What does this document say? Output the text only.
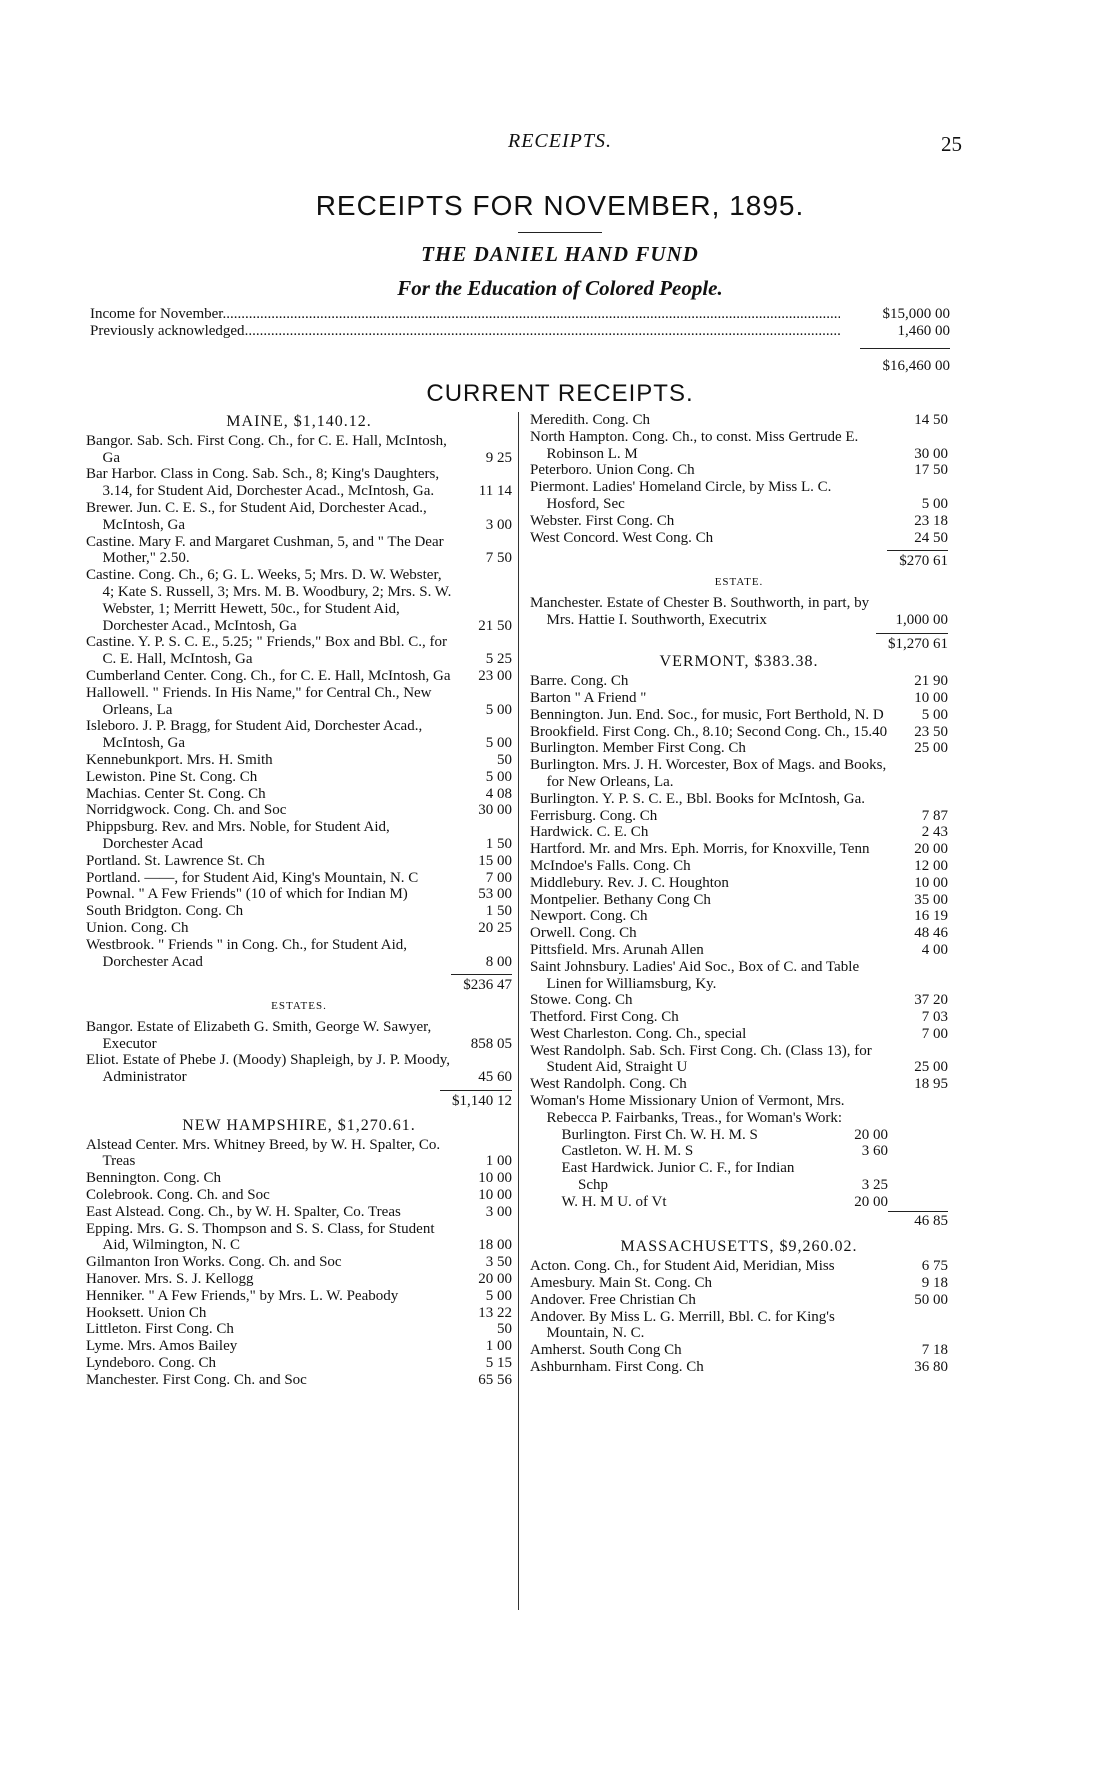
RECEIPTS.	25
RECEIPTS FOR NOVEMBER, 1895.
THE DANIEL HAND FUND
For the Education of Colored People.
Income for November .....	$15,000 00
Previously acknowledged .....	1,460 00
$16,460 00
CURRENT RECEIPTS.
MAINE, $1,140.12.
Bangor. Sab. Sch. First Cong. Ch., for C. E. Hall, McIntosh, Ga	9 25
Bar Harbor. Class in Cong. Sab. Sch., 8; King's Daughters, 3.14, for Student Aid, Dorchester Acad., McIntosh, Ga.	11 14
Brewer. Jun. C. E. S., for Student Aid, Dorchester Acad., McIntosh, Ga	3 00
Castine. Mary F. and Margaret Cushman, 5, and " The Dear Mother," 2.50.	7 50
Castine. Cong. Ch., 6; G. L. Weeks, 5; Mrs. D. W. Webster, 4; Kate S. Russell, 3; Mrs. M. B. Woodbury, 2; Mrs. S. W. Webster, 1; Merritt Hewett, 50c., for Student Aid, Dorchester Acad., McIntosh, Ga	21 50
Castine. Y. P. S. C. E., 5.25; " Friends," Box and Bbl. C., for C. E. Hall, McIntosh, Ga	5 25
Cumberland Center. Cong. Ch., for C. E. Hall, McIntosh, Ga	23 00
Hallowell. " Friends. In His Name," for Central Ch., New Orleans, La	5 00
Isleboro. J. P. Bragg, for Student Aid, Dorchester Acad., McIntosh, Ga	5 00
Kennebunkport. Mrs. H. Smith	50
Lewiston. Pine St. Cong. Ch	5 00
Machias. Center St. Cong. Ch	4 08
Norridgwock. Cong. Ch. and Soc	30 00
Phippsburg. Rev. and Mrs. Noble, for Student Aid, Dorchester Acad	1 50
Portland. St. Lawrence St. Ch	15 00
Portland. ——, for Student Aid, King's Mountain, N. C	7 00
Pownal. " A Few Friends" (10 of which for Indian M)	53 00
South Bridgton. Cong. Ch	1 50
Union. Cong. Ch	20 25
Westbrook. " Friends " in Cong. Ch., for Student Aid, Dorchester Acad	8 00
$236 47
ESTATES.
Bangor. Estate of Elizabeth G. Smith, George W. Sawyer, Executor	858 05
Eliot. Estate of Phebe J. (Moody) Shapleigh, by J. P. Moody, Administrator	45 60
$1,140 12
NEW HAMPSHIRE, $1,270.61.
Alstead Center. Mrs. Whitney Breed, by W. H. Spalter, Co. Treas	1 00
Bennington. Cong. Ch	10 00
Colebrook. Cong. Ch. and Soc	10 00
East Alstead. Cong. Ch., by W. H. Spalter, Co. Treas	3 00
Epping. Mrs. G. S. Thompson and S. S. Class, for Student Aid, Wilmington, N. C	18 00
Gilmanton Iron Works. Cong. Ch. and Soc	3 50
Hanover. Mrs. S. J. Kellogg	20 00
Henniker. " A Few Friends," by Mrs. L. W. Peabody	5 00
Hooksett. Union Ch	13 22
Littleton. First Cong. Ch	50
Lyme. Mrs. Amos Bailey	1 00
Lyndeboro. Cong. Ch	5 15
Manchester. First Cong. Ch. and Soc	65 56
Meredith. Cong. Ch	14 50
North Hampton. Cong. Ch., to const. Miss Gertrude E. Robinson L. M	30 00
Peterboro. Union Cong. Ch	17 50
Piermont. Ladies' Homeland Circle, by Miss L. C. Hosford, Sec	5 00
Webster. First Cong. Ch	23 18
West Concord. West Cong. Ch	24 50
$270 61
ESTATE.
Manchester. Estate of Chester B. Southworth, in part, by Mrs. Hattie I. Southworth, Executrix	1,000 00
$1,270 61
VERMONT, $383.38.
Barre. Cong. Ch	21 90
Barton " A Friend "	10 00
Bennington. Jun. End. Soc., for music, Fort Berthold, N. D	5 00
Brookfield. First Cong. Ch., 8.10; Second Cong. Ch., 15.40	23 50
Burlington. Member First Cong. Ch	25 00
Burlington. Mrs. J. H. Worcester, Box of Mags. and Books, for New Orleans, La.
Burlington. Y. P. S. C. E., Bbl. Books for McIntosh, Ga.
Ferrisburg. Cong. Ch	7 87
Hardwick. C. E. Ch	2 43
Hartford. Mr. and Mrs. Eph. Morris, for Knoxville, Tenn	20 00
McIndoe's Falls. Cong. Ch	12 00
Middlebury. Rev. J. C. Houghton	10 00
Montpelier. Bethany Cong Ch	35 00
Newport. Cong. Ch	16 19
Orwell. Cong. Ch	48 46
Pittsfield. Mrs. Arunah Allen	4 00
Saint Johnsbury. Ladies' Aid Soc., Box of C. and Table Linen for Williamsburg, Ky.
Stowe. Cong. Ch	37 20
Thetford. First Cong. Ch	7 03
West Charleston. Cong. Ch., special	7 00
West Randolph. Sab. Sch. First Cong. Ch. (Class 13), for Student Aid, Straight U	25 00
West Randolph. Cong. Ch	18 95
Woman's Home Missionary Union of Vermont, Mrs. Rebecca P. Fairbanks, Treas., for Woman's Work:
Burlington. First Ch. W. H. M. S	20 00
Castleton. W. H. M. S	3 60
East Hardwick. Junior C. F., for Indian Schp	3 25
W. H. M U. of Vt	20 00
46 85
MASSACHUSETTS, $9,260.02.
Acton. Cong. Ch., for Student Aid, Meridian, Miss	6 75
Amesbury. Main St. Cong. Ch	9 18
Andover. Free Christian Ch	50 00
Andover. By Miss L. G. Merrill, Bbl. C. for King's Mountain, N. C.
Amherst. South Cong Ch	7 18
Ashburnham. First Cong. Ch	36 80
